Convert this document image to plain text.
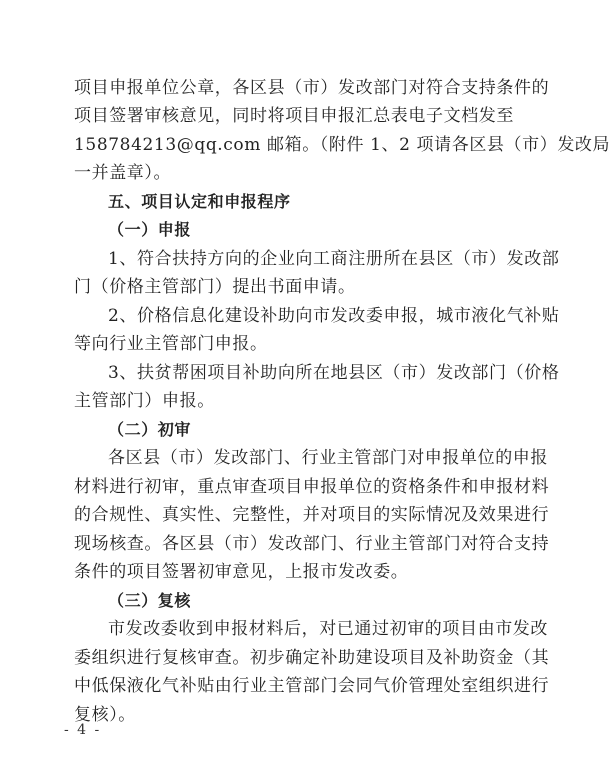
项目申报单位公章，各区县（市）发改部门对符合支持条件的
项目签署审核意见，同时将项目申报汇总表电子文档发至
158784213@qq.com 邮箱。（附件 1、2 项请各区县（市）发改局
一并盖章）。
五、项目认定和申报程序
（一）申报
1、符合扶持方向的企业向工商注册所在县区（市）发改部
门（价格主管部门）提出书面申请。
2、价格信息化建设补助向市发改委申报，城市液化气补贴
等向行业主管部门申报。
3、扶贫帮困项目补助向所在地县区（市）发改部门（价格
主管部门）申报。
（二）初审
各区县（市）发改部门、行业主管部门对申报单位的申报
材料进行初审，重点审查项目申报单位的资格条件和申报材料
的合规性、真实性、完整性，并对项目的实际情况及效果进行
现场核查。各区县（市）发改部门、行业主管部门对符合支持
条件的项目签署初审意见，上报市发改委。
（三）复核
市发改委收到申报材料后，对已通过初审的项目由市发改
委组织进行复核审查。初步确定补助建设项目及补助资金（其
中低保液化气补贴由行业主管部门会同气价管理处室组织进行
复核）。
- 4 -
